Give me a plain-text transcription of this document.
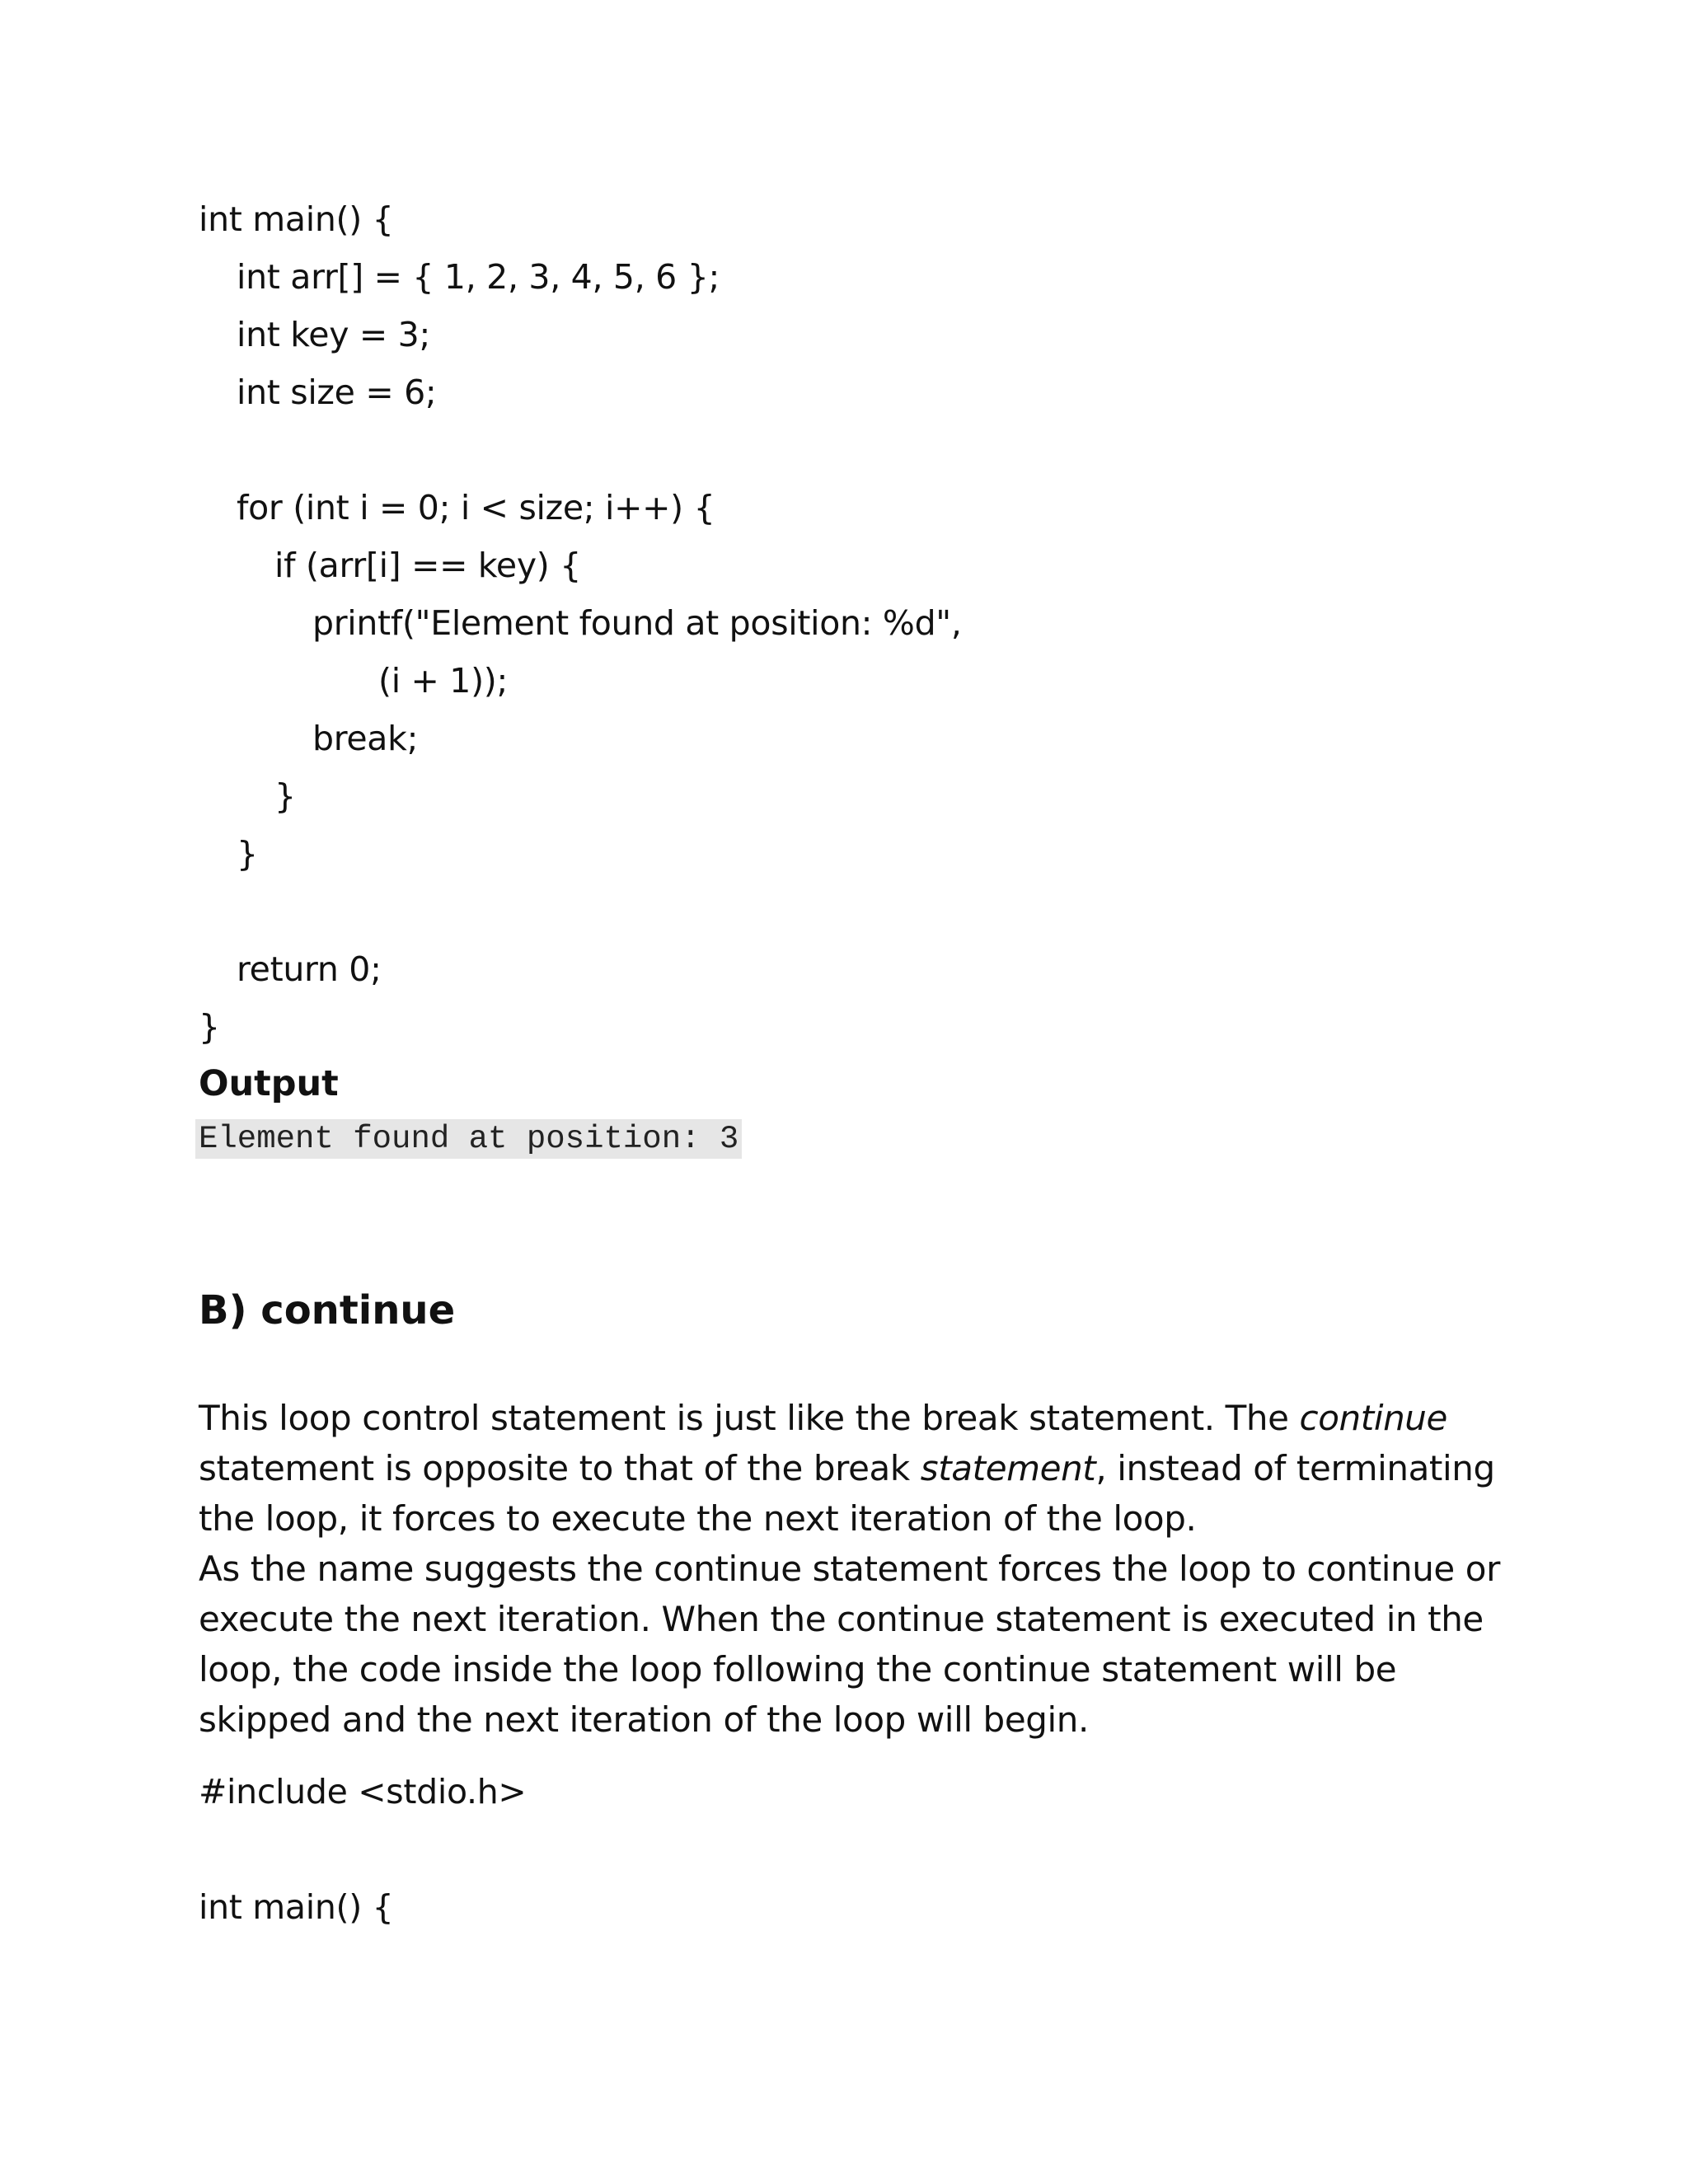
int main() {
int arr[] = { 1, 2, 3, 4, 5, 6 };
int key = 3;
int size = 6;
for (int i = 0; i < size; i++) {
if (arr[i] == key) {
printf("Element found at position: %d",
(i + 1));
break;
}
}
return 0;
}
Output
Element found at position: 3
B) continue
This loop control statement is just like the break statement. The continue
statement is opposite to that of the break statement, instead of terminating
the loop, it forces to execute the next iteration of the loop.
As the name suggests the continue statement forces the loop to continue or
execute the next iteration. When the continue statement is executed in the
loop, the code inside the loop following the continue statement will be
skipped and the next iteration of the loop will begin.
#include <stdio.h>
int main() {
